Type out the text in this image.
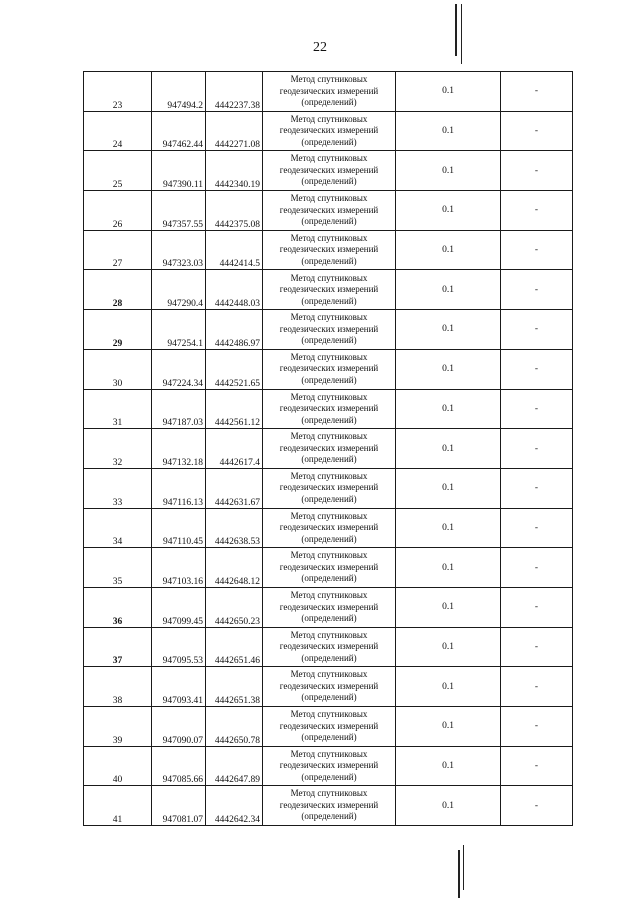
22
23	947494.2	4442237.38	Метод спутниковых
геодезических измерений
(определений)	0.1	-
24	947462.44	4442271.08	Метод спутниковых
геодезических измерений
(определений)	0.1	-
25	947390.11	4442340.19	Метод спутниковых
геодезических измерений
(определений)	0.1	-
26	947357.55	4442375.08	Метод спутниковых
геодезических измерений
(определений)	0.1	-
27	947323.03	4442414.5	Метод спутниковых
геодезических измерений
(определений)	0.1	-
28	947290.4	4442448.03	Метод спутниковых
геодезических измерений
(определений)	0.1	-
29	947254.1	4442486.97	Метод спутниковых
геодезических измерений
(определений)	0.1	-
30	947224.34	4442521.65	Метод спутниковых
геодезических измерений
(определений)	0.1	-
31	947187.03	4442561.12	Метод спутниковых
геодезических измерений
(определений)	0.1	-
32	947132.18	4442617.4	Метод спутниковых
геодезических измерений
(определений)	0.1	-
33	947116.13	4442631.67	Метод спутниковых
геодезических измерений
(определений)	0.1	-
34	947110.45	4442638.53	Метод спутниковых
геодезических измерений
(определений)	0.1	-
35	947103.16	4442648.12	Метод спутниковых
геодезических измерений
(определений)	0.1	-
36	947099.45	4442650.23	Метод спутниковых
геодезических измерений
(определений)	0.1	-
37	947095.53	4442651.46	Метод спутниковых
геодезических измерений
(определений)	0.1	-
38	947093.41	4442651.38	Метод спутниковых
геодезических измерений
(определений)	0.1	-
39	947090.07	4442650.78	Метод спутниковых
геодезических измерений
(определений)	0.1	-
40	947085.66	4442647.89	Метод спутниковых
геодезических измерений
(определений)	0.1	-
41	947081.07	4442642.34	Метод спутниковых
геодезических измерений
(определений)	0.1	-
